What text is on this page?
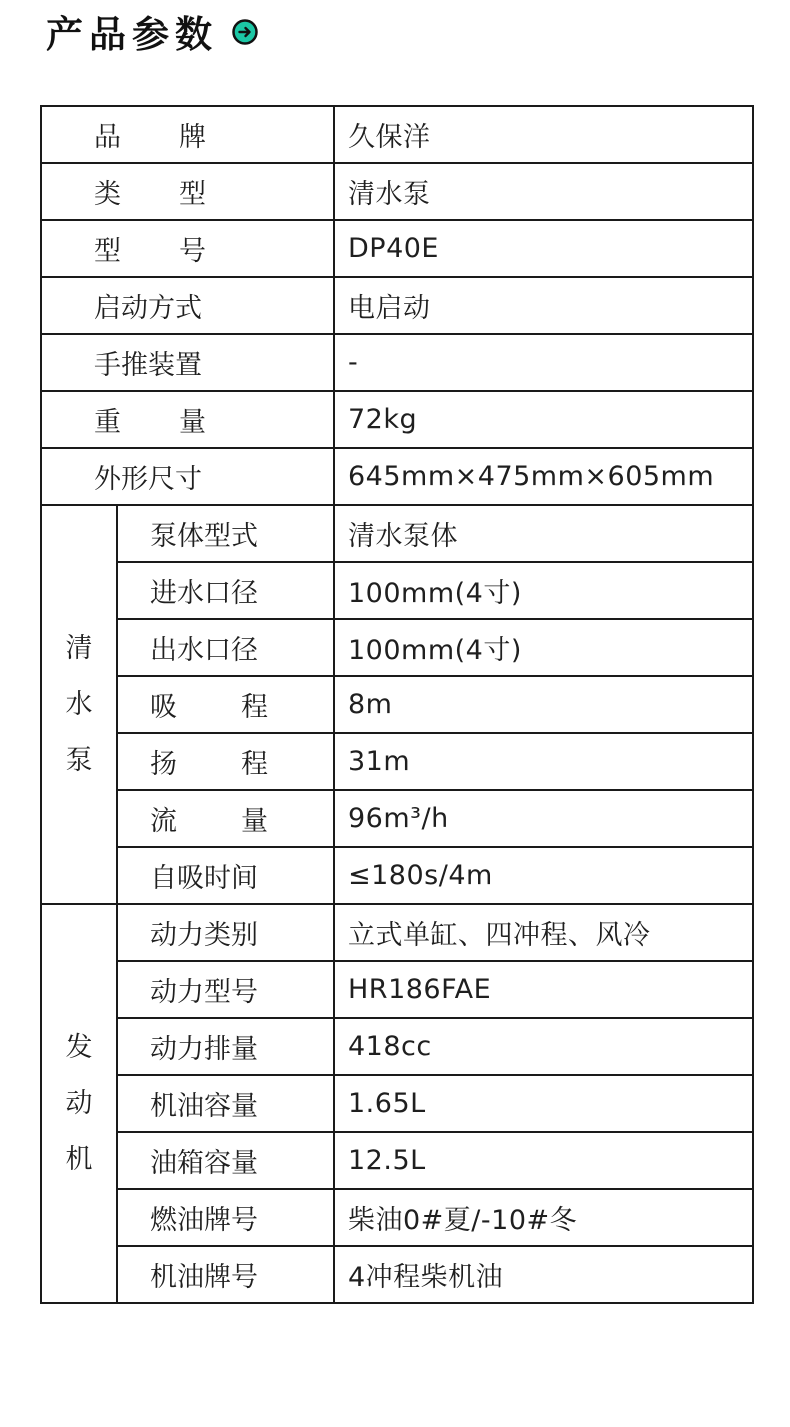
产品参数
品 牌		久保洋

类 型		清水泵

型 号		DP40E
启动方式		电启动
手推装置		-

重 量		72kg
外形尺寸		645mm×475mm×605mm

清
水
泵	泵体型式	清水泵体
	进水口径	100mm(4寸)
	出水口径	100mm(4寸)

	吸 程	8m

	扬 程	31m

	流 量	96m³/h
	自吸时间	≤180s/4m

发
动
机	动力类别	立式单缸、四冲程、风冷
	动力型号	HR186FAE
	动力排量	418cc
	机油容量	1.65L
	油箱容量	12.5L
	燃油牌号	柴油0#夏/-10#冬
	机油牌号	4冲程柴机油
